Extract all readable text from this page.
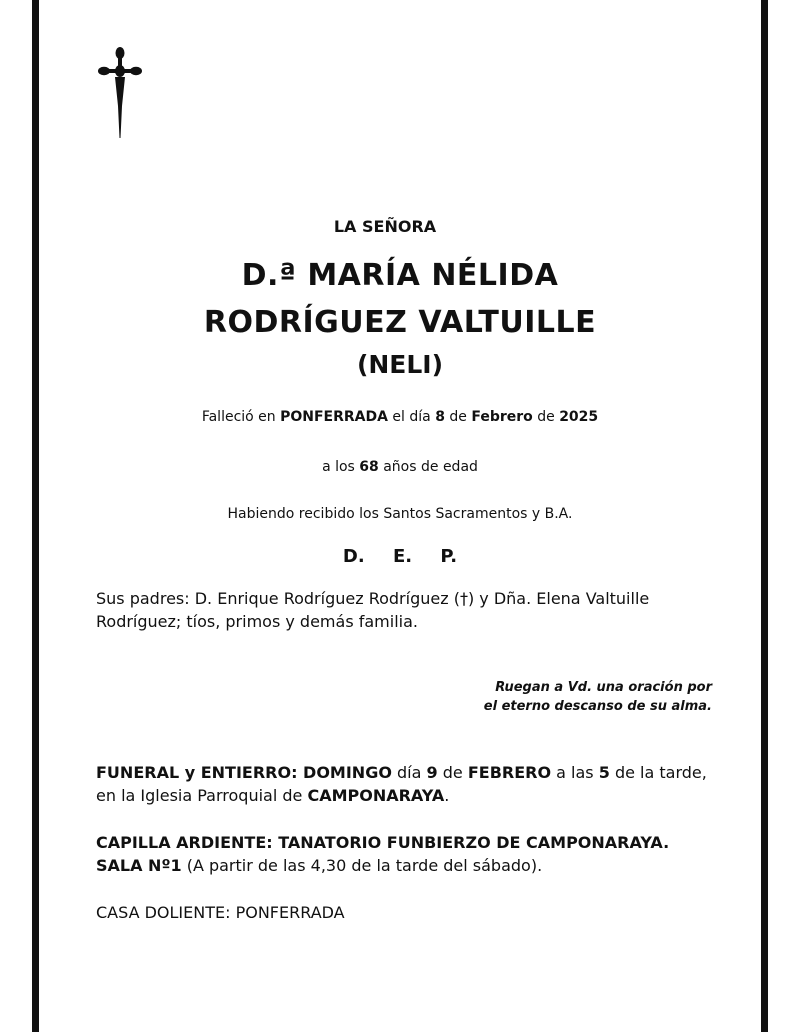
LA SEÑORA
D.ª MARÍA NÉLIDA
RODRÍGUEZ VALTUILLE
(NELI)
Falleció en PONFERRADA el día 8 de Febrero de 2025
a los 68 años de edad
Habiendo recibido los Santos Sacramentos y B.A.
D. E. P.
Sus padres: D. Enrique Rodríguez Rodríguez (†) y Dña. Elena Valtuille
Rodríguez; tíos, primos y demás familia.
Ruegan a Vd. una oración por
el eterno descanso de su alma.
FUNERAL y ENTIERRO: DOMINGO día 9 de FEBRERO a las 5 de la tarde,
en la Iglesia Parroquial de CAMPONARAYA.
CAPILLA ARDIENTE: TANATORIO FUNBIERZO DE CAMPONARAYA.
SALA Nº1 (A partir de las 4,30 de la tarde del sábado).
CASA DOLIENTE: PONFERRADA
